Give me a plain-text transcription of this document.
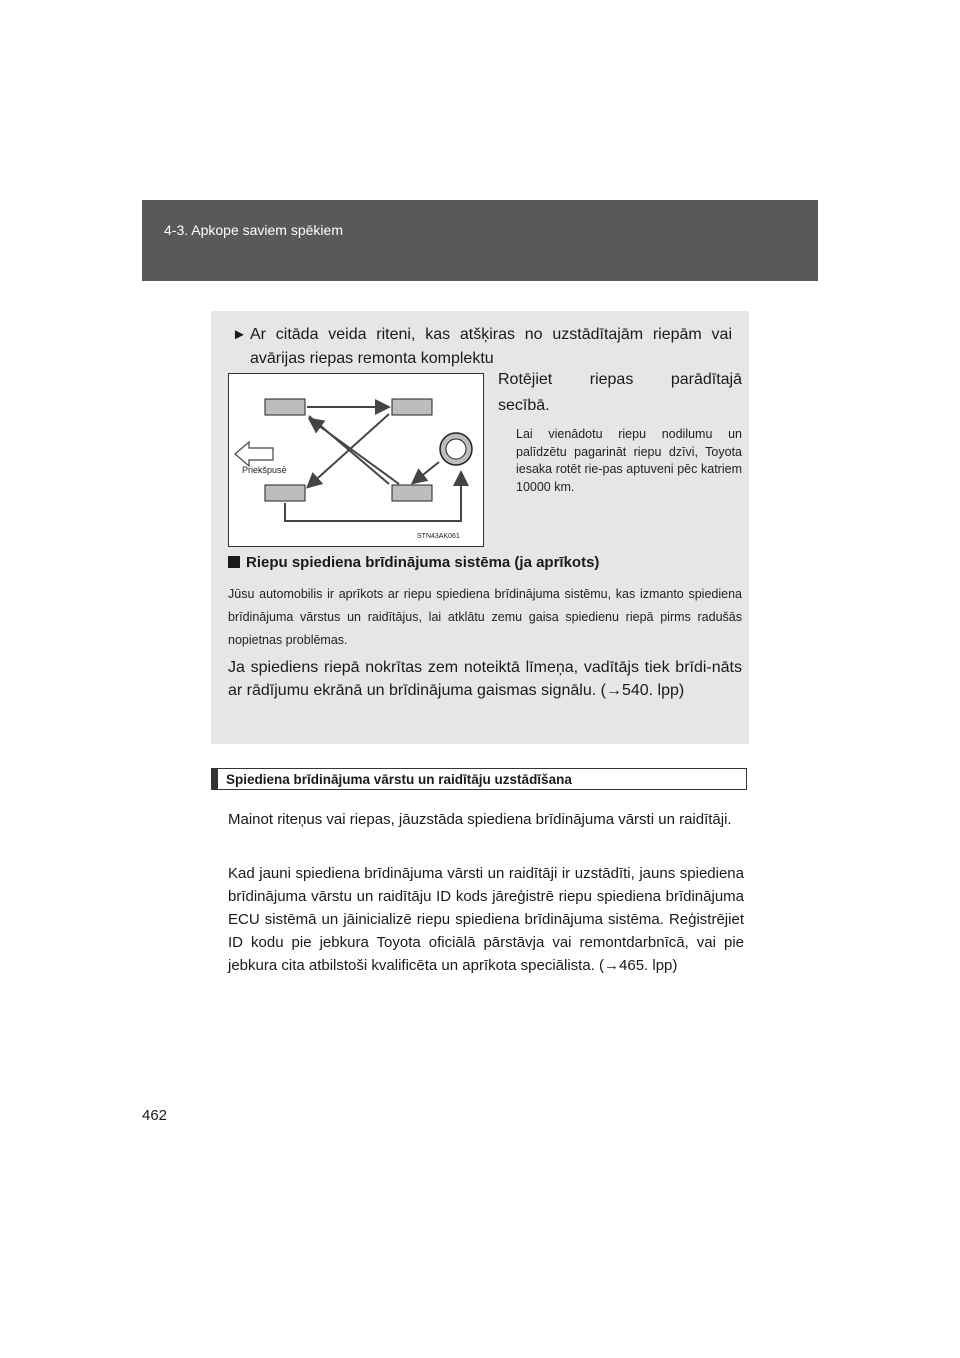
4-3. Apkope saviem spēkiem
► Ar citāda veida riteni, kas atšķiras no uzstādītajām riepām vai avārijas riepas remonta komplektu
Priekšpusē
STN43AK061
Rotējiet riepas parādītajā
secībā.
Lai vienādotu riepu nodilumu un palīdzētu pagarināt riepu dzīvi, Toyota iesaka rotēt rie-pas aptuveni pēc katriem 10000 km.
Riepu spiediena brīdinājuma sistēma (ja aprīkots)
Jūsu automobilis ir aprīkots ar riepu spiediena brīdinājuma sistēmu, kas izmanto spiediena brīdinājuma vārstus un raidītājus, lai atklātu zemu gaisa spiedienu riepā pirms radušās nopietnas problēmas.
Ja spiediens riepā nokrītas zem noteiktā līmeņa, vadītājs tiek brīdi-nāts ar rādījumu ekrānā un brīdinājuma gaismas signālu. (→540. lpp)
Spiediena brīdinājuma vārstu un raidītāju uzstādīšana
Mainot riteņus vai riepas, jāuzstāda spiediena brīdinājuma vārsti un raidītāji.
Kad jauni spiediena brīdinājuma vārsti un raidītāji ir uzstādīti, jauns spiediena brīdinājuma vārstu un raidītāju ID kods jāreģistrē riepu spiediena brīdinājuma ECU sistēmā un jāinicializē riepu spiediena brīdinājuma sistēma. Reģistrējiet ID kodu pie jebkura Toyota oficiālā pārstāvja vai remontdarbnīcā, vai pie jebkura cita atbilstoši kvalificēta un aprīkota speciālista. (→465. lpp)
462
